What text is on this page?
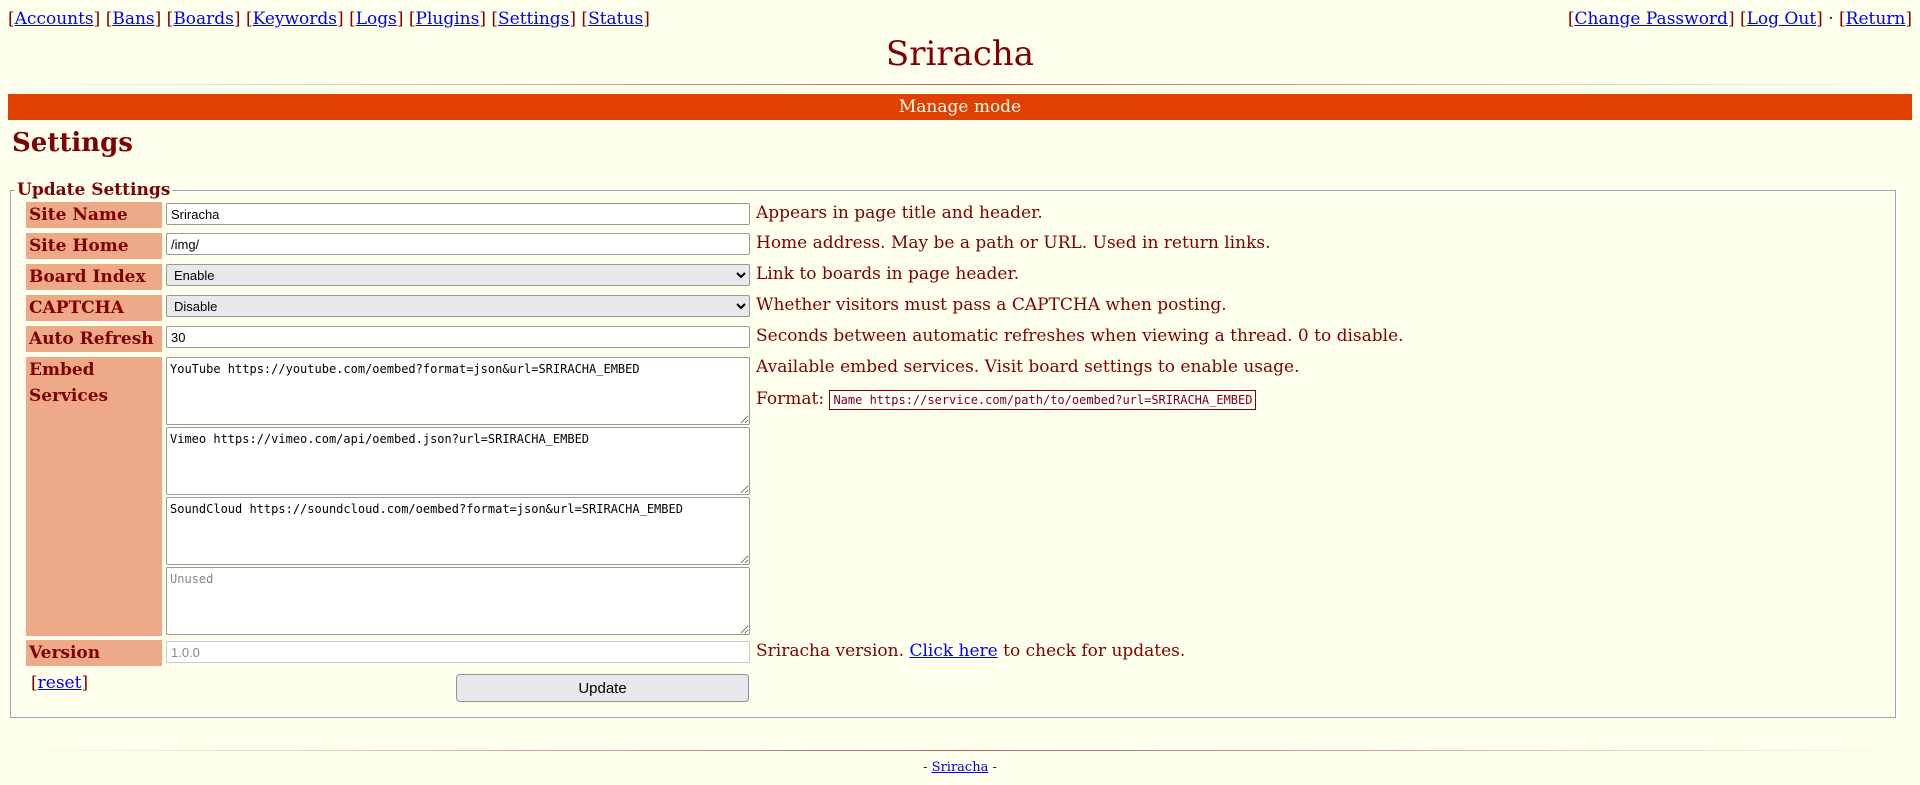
[Accounts] [Bans] [Boards] [Keywords] [Logs] [Plugins] [Settings] [Status]	[Change Password] [Log Out] · [Return]
Sriracha
Manage mode
Settings
Update Settings
Site Name
Sriracha	Appears in page title and header.
Site Home
/img/	Home address. May be a path or URL. Used in return links.
Board Index
Enable	Link to boards in page header.
CAPTCHA
Disable	Whether visitors must pass a CAPTCHA when posting.
Auto Refresh
30	Seconds between automatic refreshes when viewing a thread. 0 to disable.
Embed Services
YouTube https://youtube.com/oembed?format=json&url=SRIRACHA_EMBED
Vimeo https://vimeo.com/api/oembed.json?url=SRIRACHA_EMBED
SoundCloud https://soundcloud.com/oembed?format=json&url=SRIRACHA_EMBED
Unused
Available embed services. Visit board settings to enable usage.
Format: Name https://service.com/path/to/oembed?url=SRIRACHA_EMBED
Version
1.0.0	Sriracha version. Click here to check for updates.
[reset]	Update
- Sriracha -
